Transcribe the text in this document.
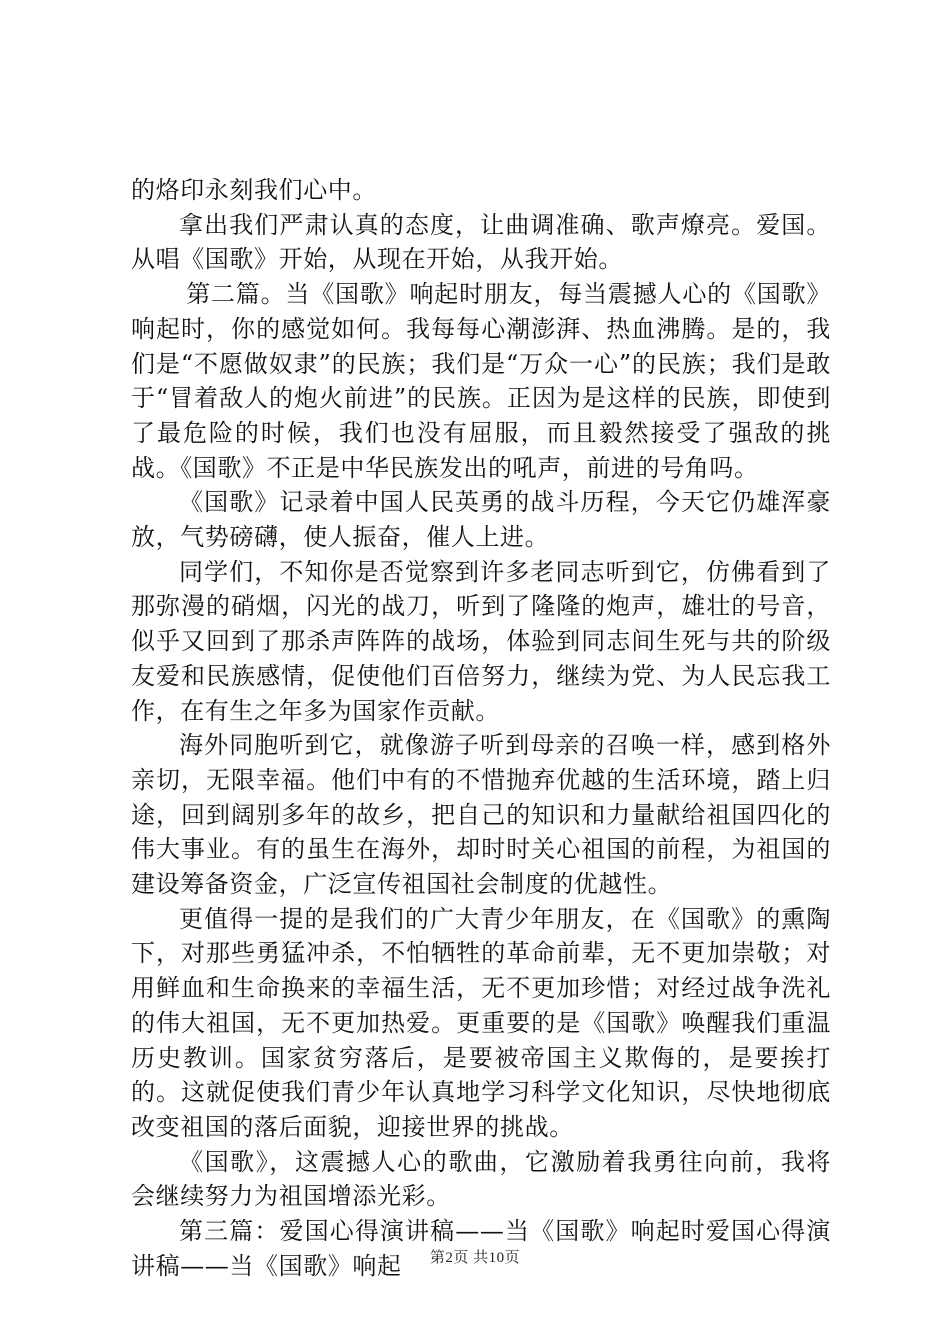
的烙印永刻我们心中。

拿出我们严肃认真的态度，让曲调准确、歌声燎亮。爱国。从唱《国歌》开始，从现在开始，从我开始。

第二篇。当《国歌》响起时朋友，每当震撼人心的《国歌》响起时，你的感觉如何。我每每心潮澎湃、热血沸腾。是的，我们是“不愿做奴隶”的民族；我们是“万众一心”的民族；我们是敢于“冒着敌人的炮火前进”的民族。正因为是这样的民族，即使到了最危险的时候，我们也没有屈服，而且毅然接受了强敌的挑战。《国歌》不正是中华民族发出的吼声，前进的号角吗。

《国歌》记录着中国人民英勇的战斗历程，今天它仍雄浑豪放，气势磅礴，使人振奋，催人上进。

同学们，不知你是否觉察到许多老同志听到它，仿佛看到了那弥漫的硝烟，闪光的战刀，听到了隆隆的炮声，雄壮的号音，似乎又回到了那杀声阵阵的战场，体验到同志间生死与共的阶级友爱和民族感情，促使他们百倍努力，继续为党、为人民忘我工作，在有生之年多为国家作贡献。

海外同胞听到它，就像游子听到母亲的召唤一样，感到格外亲切，无限幸福。他们中有的不惜抛弃优越的生活环境，踏上归途，回到阔别多年的故乡，把自己的知识和力量献给祖国四化的伟大事业。有的虽生在海外，却时时关心祖国的前程，为祖国的建设筹备资金，广泛宣传祖国社会制度的优越性。

更值得一提的是我们的广大青少年朋友，在《国歌》的熏陶下，对那些勇猛冲杀，不怕牺牲的革命前辈，无不更加崇敬；对用鲜血和生命换来的幸福生活，无不更加珍惜；对经过战争洗礼的伟大祖国，无不更加热爱。更重要的是《国歌》唤醒我们重温历史教训。国家贫穷落后，是要被帝国主义欺侮的，是要挨打的。这就促使我们青少年认真地学习科学文化知识，尽快地彻底改变祖国的落后面貌，迎接世界的挑战。

《国歌》，这震撼人心的歌曲，它激励着我勇往向前，我将会继续努力为祖国增添光彩。

第三篇：爱国心得演讲稿——当《国歌》响起时爱国心得演讲稿——当《国歌》响起	第2页 共10页
